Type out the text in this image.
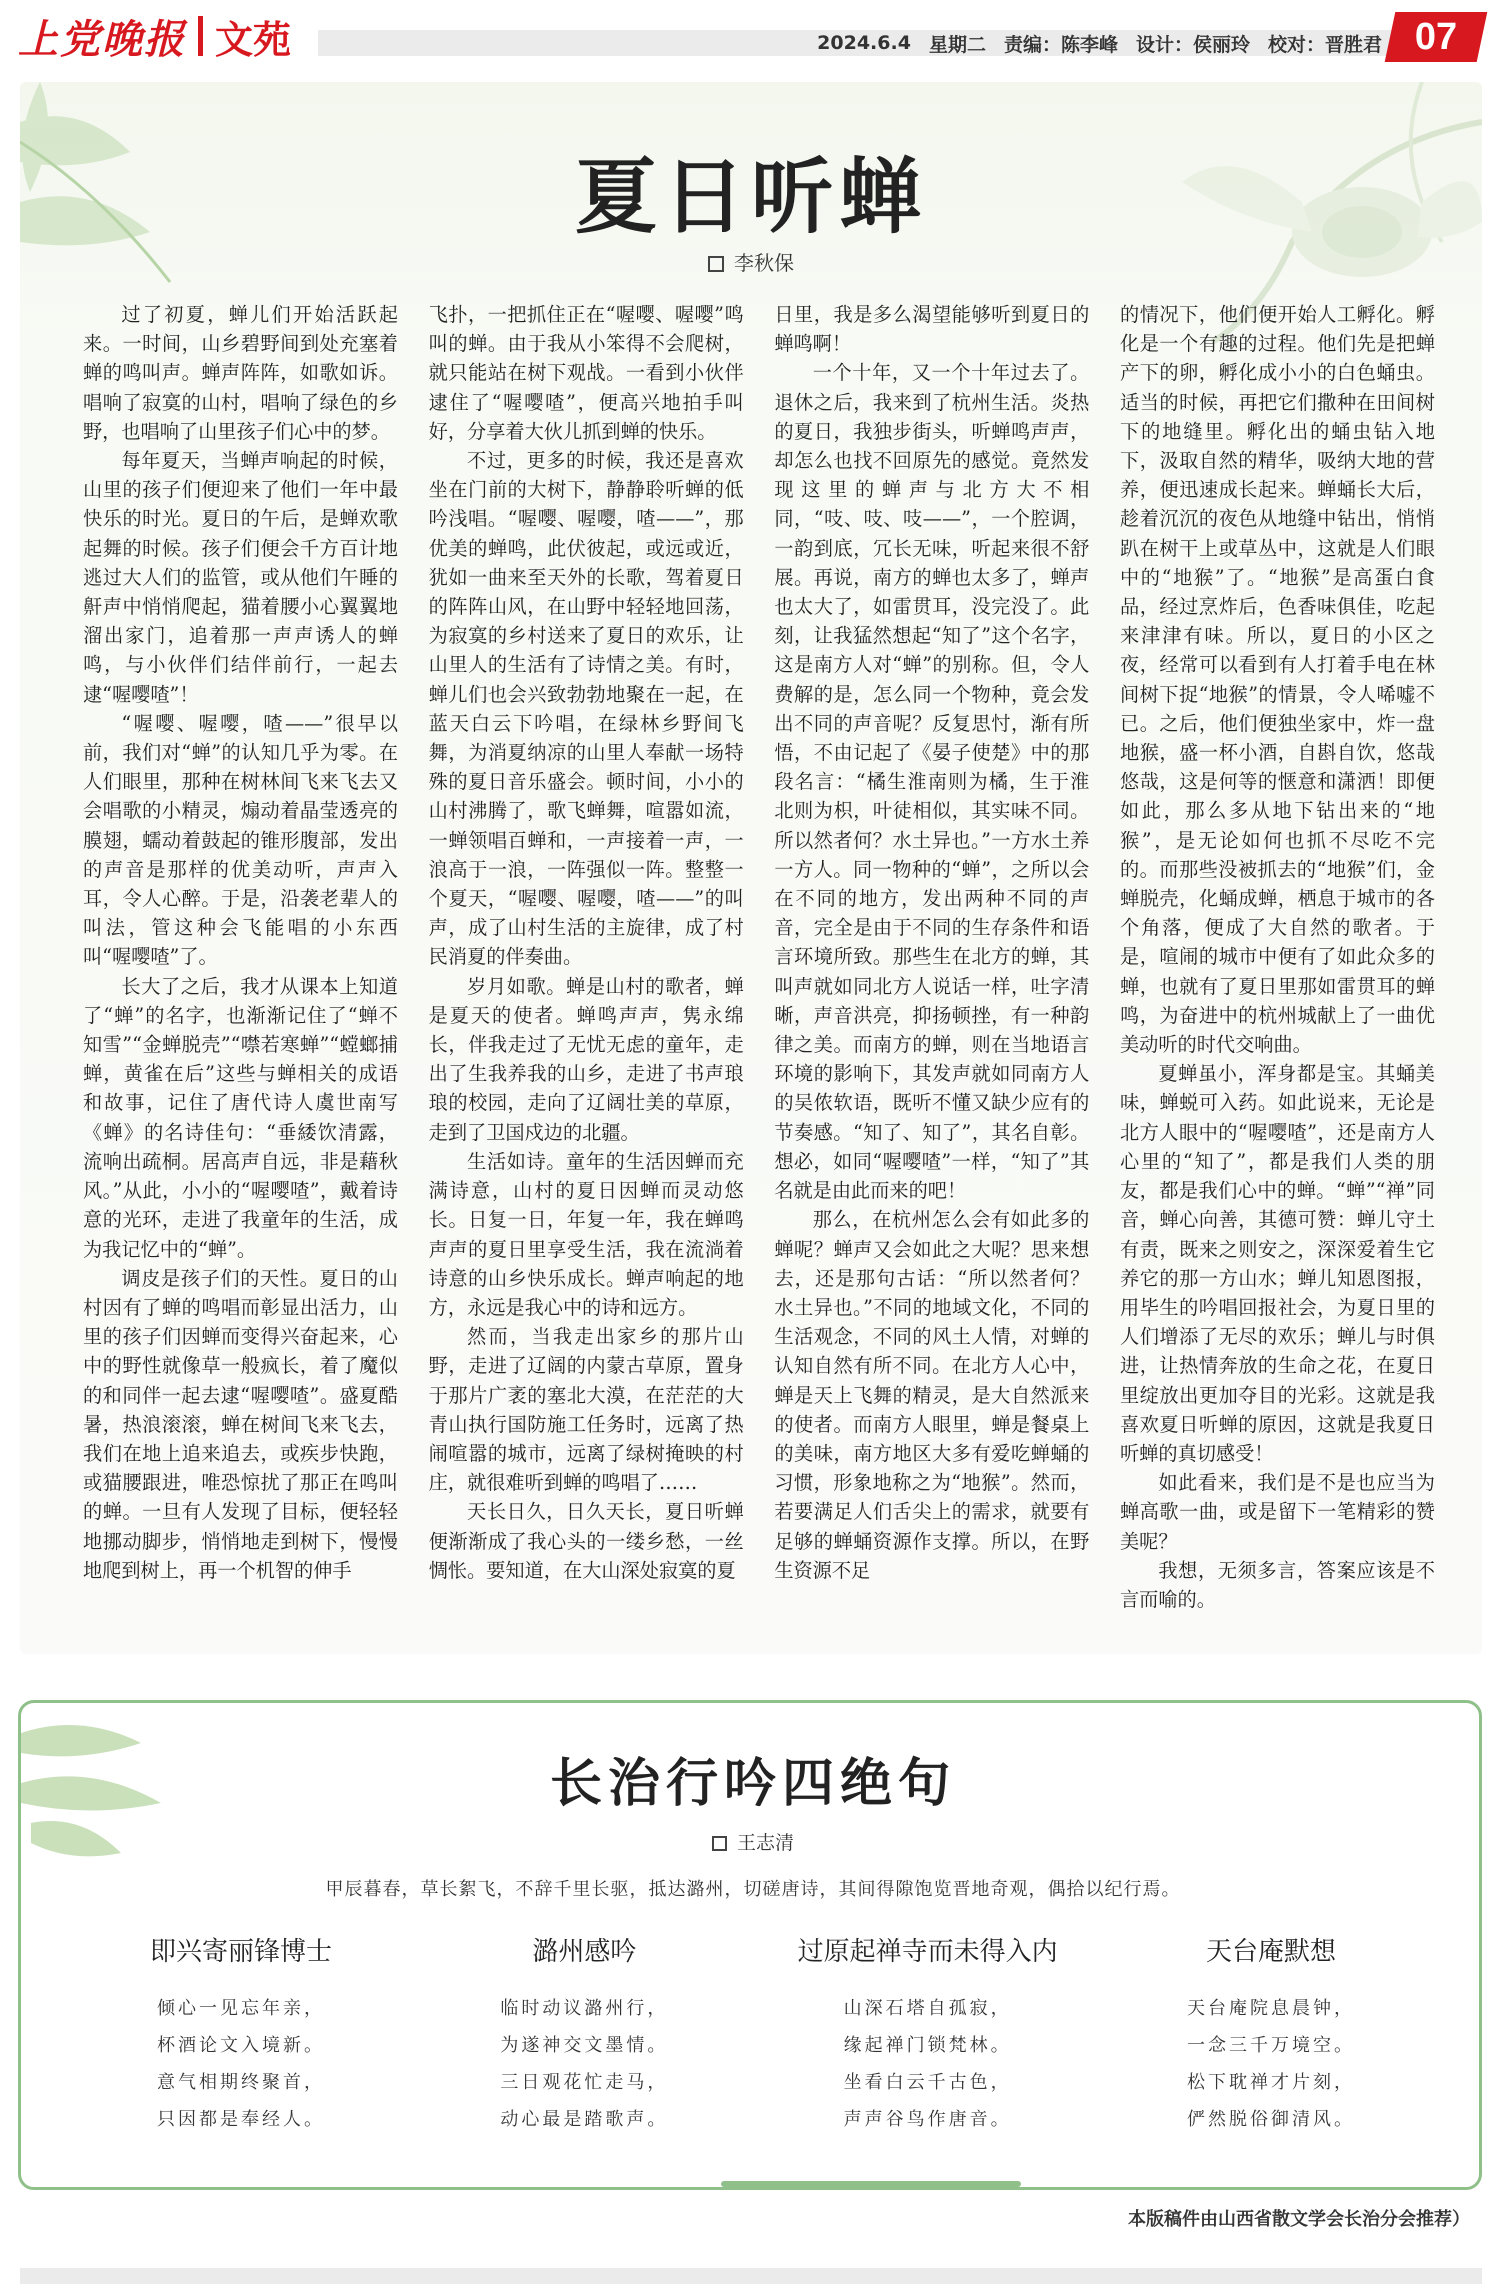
上党晚报 文苑	2024.6.4 星期二 责编：陈李峰 设计：侯丽玲 校对：晋胜君 07
夏日听蝉
李秋保

过了初夏，蝉儿们开始活跃起来。一时间，山乡碧野间到处充塞着蝉的鸣叫声。蝉声阵阵，如歌如诉。唱响了寂寞的山村，唱响了绿色的乡野，也唱响了山里孩子们心中的梦。

每年夏天，当蝉声响起的时候，山里的孩子们便迎来了他们一年中最快乐的时光。夏日的午后，是蝉欢歌起舞的时候。孩子们便会千方百计地逃过大人们的监管，或从他们午睡的鼾声中悄悄爬起，猫着腰小心翼翼地溜出家门，追着那一声声诱人的蝉鸣，与小伙伴们结伴前行，一起去逮“喔嘤喳”！

“喔嘤、喔嘤，喳——”很早以前，我们对“蝉”的认知几乎为零。在人们眼里，那种在树林间飞来飞去又会唱歌的小精灵，煽动着晶莹透亮的膜翅，蠕动着鼓起的锥形腹部，发出的声音是那样的优美动听，声声入耳，令人心醉。于是，沿袭老辈人的叫法，管这种会飞能唱的小东西叫“喔嘤喳”了。

长大了之后，我才从课本上知道了“蝉”的名字，也渐渐记住了“蝉不知雪”“金蝉脱壳”“噤若寒蝉”“螳螂捕蝉，黄雀在后”这些与蝉相关的成语和故事，记住了唐代诗人虞世南写《蝉》的名诗佳句：“垂緌饮清露，流响出疏桐。居高声自远，非是藉秋风。”从此，小小的“喔嘤喳”，戴着诗意的光环，走进了我童年的生活，成为我记忆中的“蝉”。

调皮是孩子们的天性。夏日的山村因有了蝉的鸣唱而彰显出活力，山里的孩子们因蝉而变得兴奋起来，心中的野性就像草一般疯长，着了魔似的和同伴一起去逮“喔嘤喳”。盛夏酷暑，热浪滚滚，蝉在树间飞来飞去，我们在地上追来追去，或疾步快跑，或猫腰跟进，唯恐惊扰了那正在鸣叫的蝉。一旦有人发现了目标，便轻轻地挪动脚步，悄悄地走到树下，慢慢地爬到树上，再一个机智的伸手

飞扑，一把抓住正在“喔嘤、喔嘤”鸣叫的蝉。由于我从小笨得不会爬树，就只能站在树下观战。一看到小伙伴逮住了“喔嘤喳”，便高兴地拍手叫好，分享着大伙儿抓到蝉的快乐。

不过，更多的时候，我还是喜欢坐在门前的大树下，静静聆听蝉的低吟浅唱。“喔嘤、喔嘤，喳——”，那优美的蝉鸣，此伏彼起，或远或近，犹如一曲来至天外的长歌，驾着夏日的阵阵山风，在山野中轻轻地回荡，为寂寞的乡村送来了夏日的欢乐，让山里人的生活有了诗情之美。有时，蝉儿们也会兴致勃勃地聚在一起，在蓝天白云下吟唱，在绿林乡野间飞舞，为消夏纳凉的山里人奉献一场特殊的夏日音乐盛会。顿时间，小小的山村沸腾了，歌飞蝉舞，喧嚣如流，一蝉领唱百蝉和，一声接着一声，一浪高于一浪，一阵强似一阵。整整一个夏天，“喔嘤、喔嘤，喳——”的叫声，成了山村生活的主旋律，成了村民消夏的伴奏曲。

岁月如歌。蝉是山村的歌者，蝉是夏天的使者。蝉鸣声声，隽永绵长，伴我走过了无忧无虑的童年，走出了生我养我的山乡，走进了书声琅琅的校园，走向了辽阔壮美的草原，走到了卫国戍边的北疆。

生活如诗。童年的生活因蝉而充满诗意，山村的夏日因蝉而灵动悠长。日复一日，年复一年，我在蝉鸣声声的夏日里享受生活，我在流淌着诗意的山乡快乐成长。蝉声响起的地方，永远是我心中的诗和远方。

然而，当我走出家乡的那片山野，走进了辽阔的内蒙古草原，置身于那片广袤的塞北大漠，在茫茫的大青山执行国防施工任务时，远离了热闹喧嚣的城市，远离了绿树掩映的村庄，就很难听到蝉的鸣唱了……

天长日久，日久天长，夏日听蝉便渐渐成了我心头的一缕乡愁，一丝惆怅。要知道，在大山深处寂寞的夏

日里，我是多么渴望能够听到夏日的蝉鸣啊！

一个十年，又一个十年过去了。退休之后，我来到了杭州生活。炎热的夏日，我独步街头，听蝉鸣声声，却怎么也找不回原先的感觉。竟然发现这里的蝉声与北方大不相同，“吱、吱、吱——”，一个腔调，一韵到底，冗长无味，听起来很不舒展。再说，南方的蝉也太多了，蝉声也太大了，如雷贯耳，没完没了。此刻，让我猛然想起“知了”这个名字，这是南方人对“蝉”的别称。但，令人费解的是，怎么同一个物种，竟会发出不同的声音呢？反复思忖，渐有所悟，不由记起了《晏子使楚》中的那段名言：“橘生淮南则为橘，生于淮北则为枳，叶徒相似，其实味不同。所以然者何？水土异也。”一方水土养一方人。同一物种的“蝉”，之所以会在不同的地方，发出两种不同的声音，完全是由于不同的生存条件和语言环境所致。那些生在北方的蝉，其叫声就如同北方人说话一样，吐字清晰，声音洪亮，抑扬顿挫，有一种韵律之美。而南方的蝉，则在当地语言环境的影响下，其发声就如同南方人的吴侬软语，既听不懂又缺少应有的节奏感。“知了、知了”，其名自彰。想必，如同“喔嘤喳”一样，“知了”其名就是由此而来的吧！

那么，在杭州怎么会有如此多的蝉呢？蝉声又会如此之大呢？思来想去，还是那句古话：“所以然者何？水土异也。”不同的地域文化，不同的生活观念，不同的风土人情，对蝉的认知自然有所不同。在北方人心中，蝉是天上飞舞的精灵，是大自然派来的使者。而南方人眼里，蝉是餐桌上的美味，南方地区大多有爱吃蝉蛹的习惯，形象地称之为“地猴”。然而，若要满足人们舌尖上的需求，就要有足够的蝉蛹资源作支撑。所以，在野生资源不足

的情况下，他们便开始人工孵化。孵化是一个有趣的过程。他们先是把蝉产下的卵，孵化成小小的白色蛹虫。适当的时候，再把它们撒种在田间树下的地缝里。孵化出的蛹虫钻入地下，汲取自然的精华，吸纳大地的营养，便迅速成长起来。蝉蛹长大后，趁着沉沉的夜色从地缝中钻出，悄悄趴在树干上或草丛中，这就是人们眼中的“地猴”了。“地猴”是高蛋白食品，经过烹炸后，色香味俱佳，吃起来津津有味。所以，夏日的小区之夜，经常可以看到有人打着手电在林间树下捉“地猴”的情景，令人唏嘘不已。之后，他们便独坐家中，炸一盘地猴，盛一杯小酒，自斟自饮，悠哉悠哉，这是何等的惬意和潇洒！即便如此，那么多从地下钻出来的“地猴”，是无论如何也抓不尽吃不完的。而那些没被抓去的“地猴”们，金蝉脱壳，化蛹成蝉，栖息于城市的各个角落，便成了大自然的歌者。于是，喧闹的城市中便有了如此众多的蝉，也就有了夏日里那如雷贯耳的蝉鸣，为奋进中的杭州城献上了一曲优美动听的时代交响曲。

夏蝉虽小，浑身都是宝。其蛹美味，蝉蜕可入药。如此说来，无论是北方人眼中的“喔嘤喳”，还是南方人心里的“知了”，都是我们人类的朋友，都是我们心中的蝉。“蝉”“禅”同音，蝉心向善，其德可赞：蝉儿守土有责，既来之则安之，深深爱着生它养它的那一方山水；蝉儿知恩图报，用毕生的吟唱回报社会，为夏日里的人们增添了无尽的欢乐；蝉儿与时俱进，让热情奔放的生命之花，在夏日里绽放出更加夺目的光彩。这就是我喜欢夏日听蝉的原因，这就是我夏日听蝉的真切感受！

如此看来，我们是不是也应当为蝉高歌一曲，或是留下一笔精彩的赞美呢？

我想，无须多言，答案应该是不言而喻的。

长治行吟四绝句
王志清
甲辰暮春，草长絮飞，不辞千里长驱，抵达潞州，切磋唐诗，其间得隙饱览晋地奇观，偶拾以纪行焉。
即兴寄丽锋博士
倾心一见忘年亲，
杯酒论文入境新。
意气相期终聚首，
只因都是奉经人。
潞州感吟
临时动议潞州行，
为遂神交文墨情。
三日观花忙走马，
动心最是踏歌声。
过原起禅寺而未得入内
山深石塔自孤寂，
缘起禅门锁梵林。
坐看白云千古色，
声声谷鸟作唐音。
天台庵默想
天台庵院息晨钟，
一念三千万境空。
松下耽禅才片刻，
俨然脱俗御清风。
本版稿件由山西省散文学会长治分会推荐）
